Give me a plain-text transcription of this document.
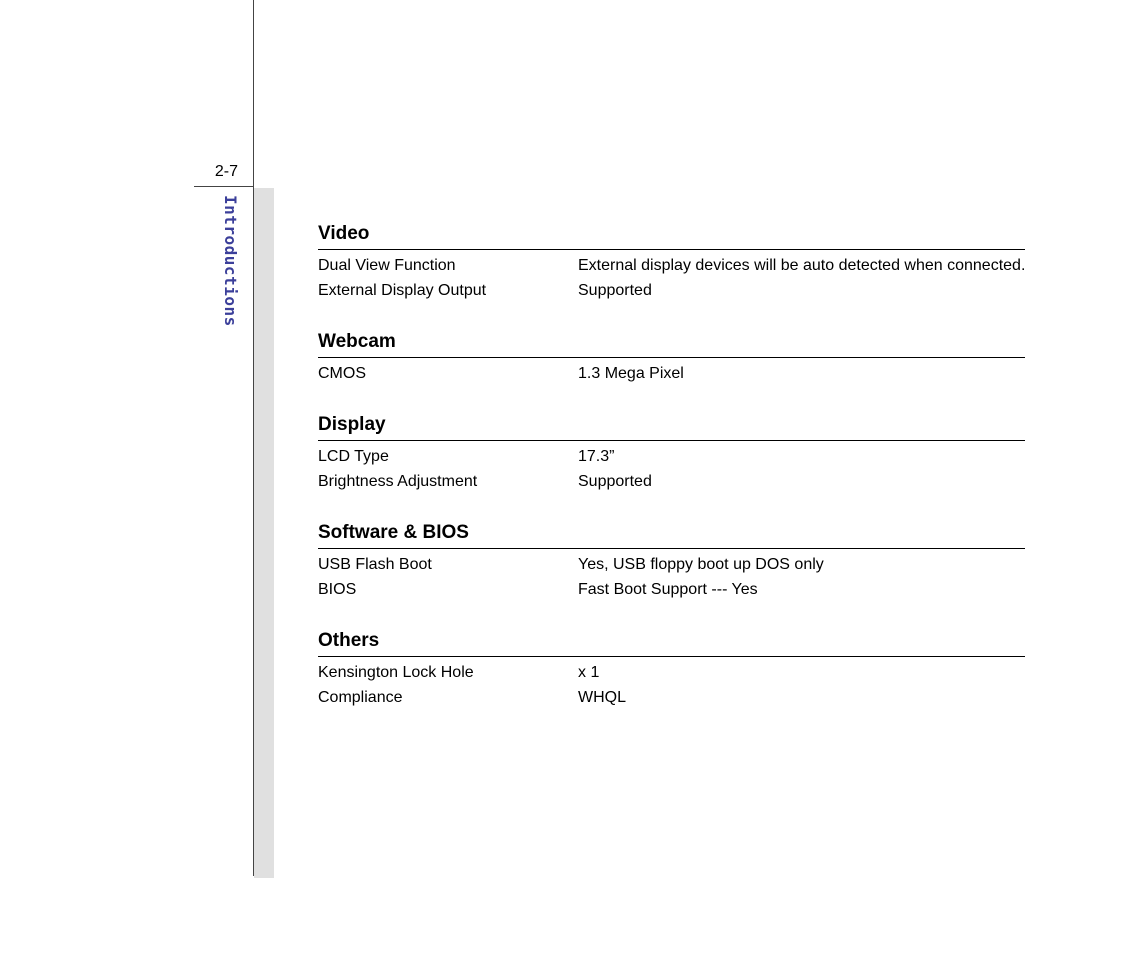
2-7
Introductions	Video
Dual View Function	External display devices will be auto detected when connected.
External Display Output	Supported
Webcam
CMOS	1.3 Mega Pixel
Display
LCD Type	17.3”
Brightness Adjustment	Supported
Software & BIOS
USB Flash Boot	Yes, USB floppy boot up DOS only
BIOS	Fast Boot Support --- Yes
Others
Kensington Lock Hole	x 1
Compliance	WHQL
